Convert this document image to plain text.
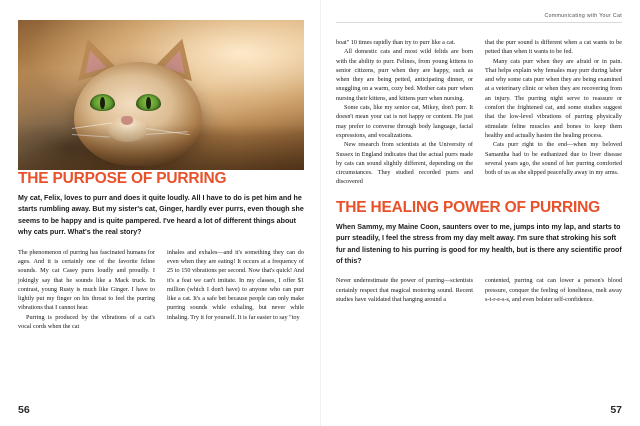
THE PURPOSE OF PURRING
My cat, Felix, loves to purr and does it quite loudly. All I have to do is pet him and he starts rumbling away. But my sister's cat, Ginger, hardly ever purrs, even though she seems to be happy and is quite pampered. I've heard a lot of different things about why cats purr. What's the real story?

The phenomenon of purring has fascinated humans for ages. And it is certainly one of the favorite feline sounds. My cat Casey purrs loudly and proudly. I jokingly say that he sounds like a Mack truck. In contrast, young Rusty is much like Ginger. I have to lightly put my finger on his throat to feel the purring vibrations that I cannot hear.

Purring is produced by the vibrations of a cat's vocal cords when the cat

inhales and exhales—and it's something they can do even when they are eating! It occurs at a frequency of 25 to 150 vibrations per second. Now that's quick! And it's a feat we can't imitate. In my classes, I offer $1 million (which I don't have) to anyone who can purr like a cat. It's a safe bet because people can only make purring sounds while exhaling, but never while inhaling. Try it for yourself. It is far easier to say "toy

56
Communicating with Your Cat

boat" 10 times rapidly than try to purr like a cat.

All domestic cats and most wild felids are born with the ability to purr. Felines, from young kittens to senior citizens, purr when they are happy, such as when they are being petted, anticipating dinner, or snuggling on a warm, cozy bed. Mother cats purr when nursing their kittens, and kittens purr when nursing.

Some cats, like my senior cat, Mikey, don't purr. It doesn't mean your cat is not happy or content. He just may prefer to converse through body language, facial expressions, and vocalizations.

New research from scientists at the University of Sussex in England indicates that the actual purrs made by cats can sound slightly different, depending on the circumstances. They studied recorded purrs and discovered

that the purr sound is different when a cat wants to be petted than when it wants to be fed.

Many cats purr when they are afraid or in pain. That helps explain why females may purr during labor and why some cats purr when they are being examined at a veterinary clinic or when they are recovering from an injury. The purring night serve to reassure or comfort the frightened cat, and some studies suggest that the low-level vibrations of purring physically stimulate feline muscles and bones to keep them healthy and actually hasten the healing process.

Cats purr right to the end—when my beloved Samantha had to be euthanized due to liver disease several years ago, the sound of her purring comforted both of us as she slipped peacefully away in my arms.

THE HEALING POWER OF PURRING
When Sammy, my Maine Coon, saunters over to me, jumps into my lap, and starts to purr steadily, I feel the stress from my day melt away. I'm sure that stroking his soft fur and listening to his purring is good for my health, but is there any scientific proof of this?

Never underestimate the power of purring—scientists certainly respect that magical motoring sound. Recent studies have validated that hanging around a

contented, purring cat can lower a person's blood pressure, conquer the feeling of loneliness, melt away s-t-r-e-s-s, and even bolster self-confidence.

57
